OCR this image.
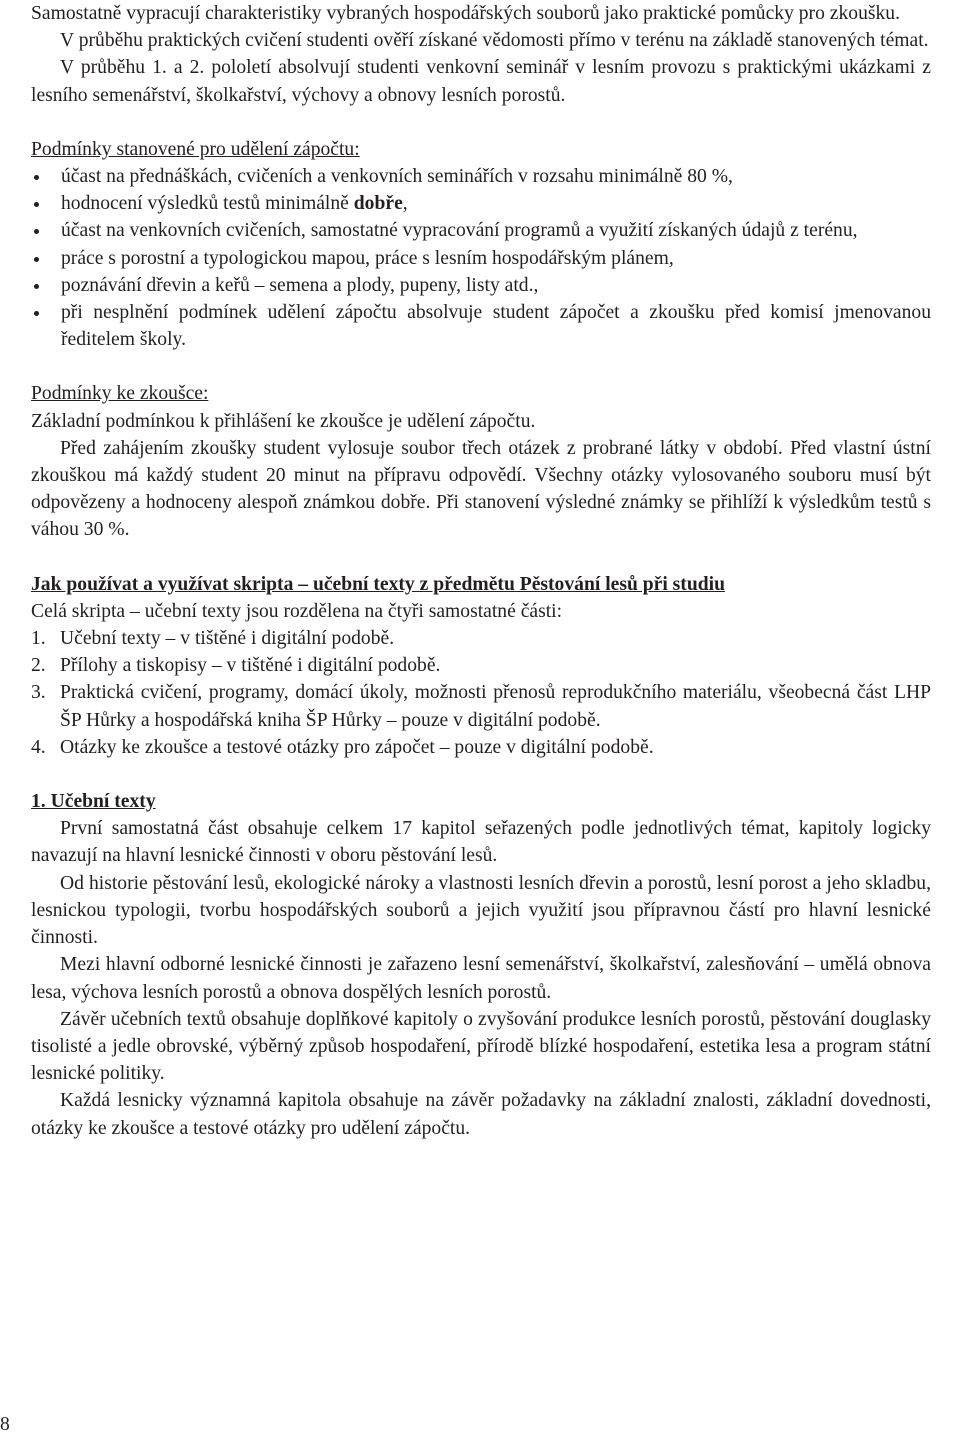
Samostatně vypracují charakteristiky vybraných hospodářských souborů jako praktické pomůcky pro zkoušku.

V průběhu praktických cvičení studenti ověří získané vědomosti přímo v terénu na základě stanovených témat.

V průběhu 1. a 2. pololetí absolvují studenti venkovní seminář v lesním provozu s praktickými ukázkami z lesního semenářství, školkařství, výchovy a obnovy lesních porostů.

Podmínky stanovené pro udělení zápočtu:

účast na přednáškách, cvičeních a venkovních seminářích v rozsahu minimálně 80 %,
hodnocení výsledků testů minimálně dobře,
účast na venkovních cvičeních, samostatné vypracování programů a využití získaných údajů z terénu,
práce s porostní a typologickou mapou, práce s lesním hospodářským plánem,
poznávání dřevin a keřů – semena a plody, pupeny, listy atd.,
při nesplnění podmínek udělení zápočtu absolvuje student zápočet a zkoušku před komisí jmenovanou ředitelem školy.

Podmínky ke zkoušce:

Základní podmínkou k přihlášení ke zkoušce je udělení zápočtu.

Před zahájením zkoušky student vylosuje soubor třech otázek z probrané látky v období. Před vlastní ústní zkouškou má každý student 20 minut na přípravu odpovědí. Všechny otázky vylosovaného souboru musí být odpovězeny a hodnoceny alespoň známkou dobře. Při stanovení výsledné známky se přihlíží k výsledkům testů s váhou 30 %.

Jak používat a využívat skripta – učební texty z předmětu Pěstování lesů při studiu

Celá skripta – učební texty jsou rozdělena na čtyři samostatné části:

1. Učební texty – v tištěné i digitální podobě.
2. Přílohy a tiskopisy – v tištěné i digitální podobě.
3. Praktická cvičení, programy, domácí úkoly, možnosti přenosů reprodukčního materiálu, všeobecná část LHP ŠP Hůrky a hospodářská kniha ŠP Hůrky – pouze v digitální podobě.
4. Otázky ke zkoušce a testové otázky pro zápočet – pouze v digitální podobě.

1. Učební texty

První samostatná část obsahuje celkem 17 kapitol seřazených podle jednotlivých témat, kapitoly logicky navazují na hlavní lesnické činnosti v oboru pěstování lesů.

Od historie pěstování lesů, ekologické nároky a vlastnosti lesních dřevin a porostů, lesní porost a jeho skladbu, lesnickou typologii, tvorbu hospodářských souborů a jejich využití jsou přípravnou částí pro hlavní lesnické činnosti.

Mezi hlavní odborné lesnické činnosti je zařazeno lesní semenářství, školkařství, zalesňování – umělá obnova lesa, výchova lesních porostů a obnova dospělých lesních porostů.

Závěr učebních textů obsahuje doplňkové kapitoly o zvyšování produkce lesních porostů, pěstování douglasky tisolisté a jedle obrovské, výběrný způsob hospodaření, přírodě blízké hospodaření, estetika lesa a program státní lesnické politiky.

Každá lesnicky významná kapitola obsahuje na závěr požadavky na základní znalosti, základní dovednosti, otázky ke zkoušce a testové otázky pro udělení zápočtu.

8
